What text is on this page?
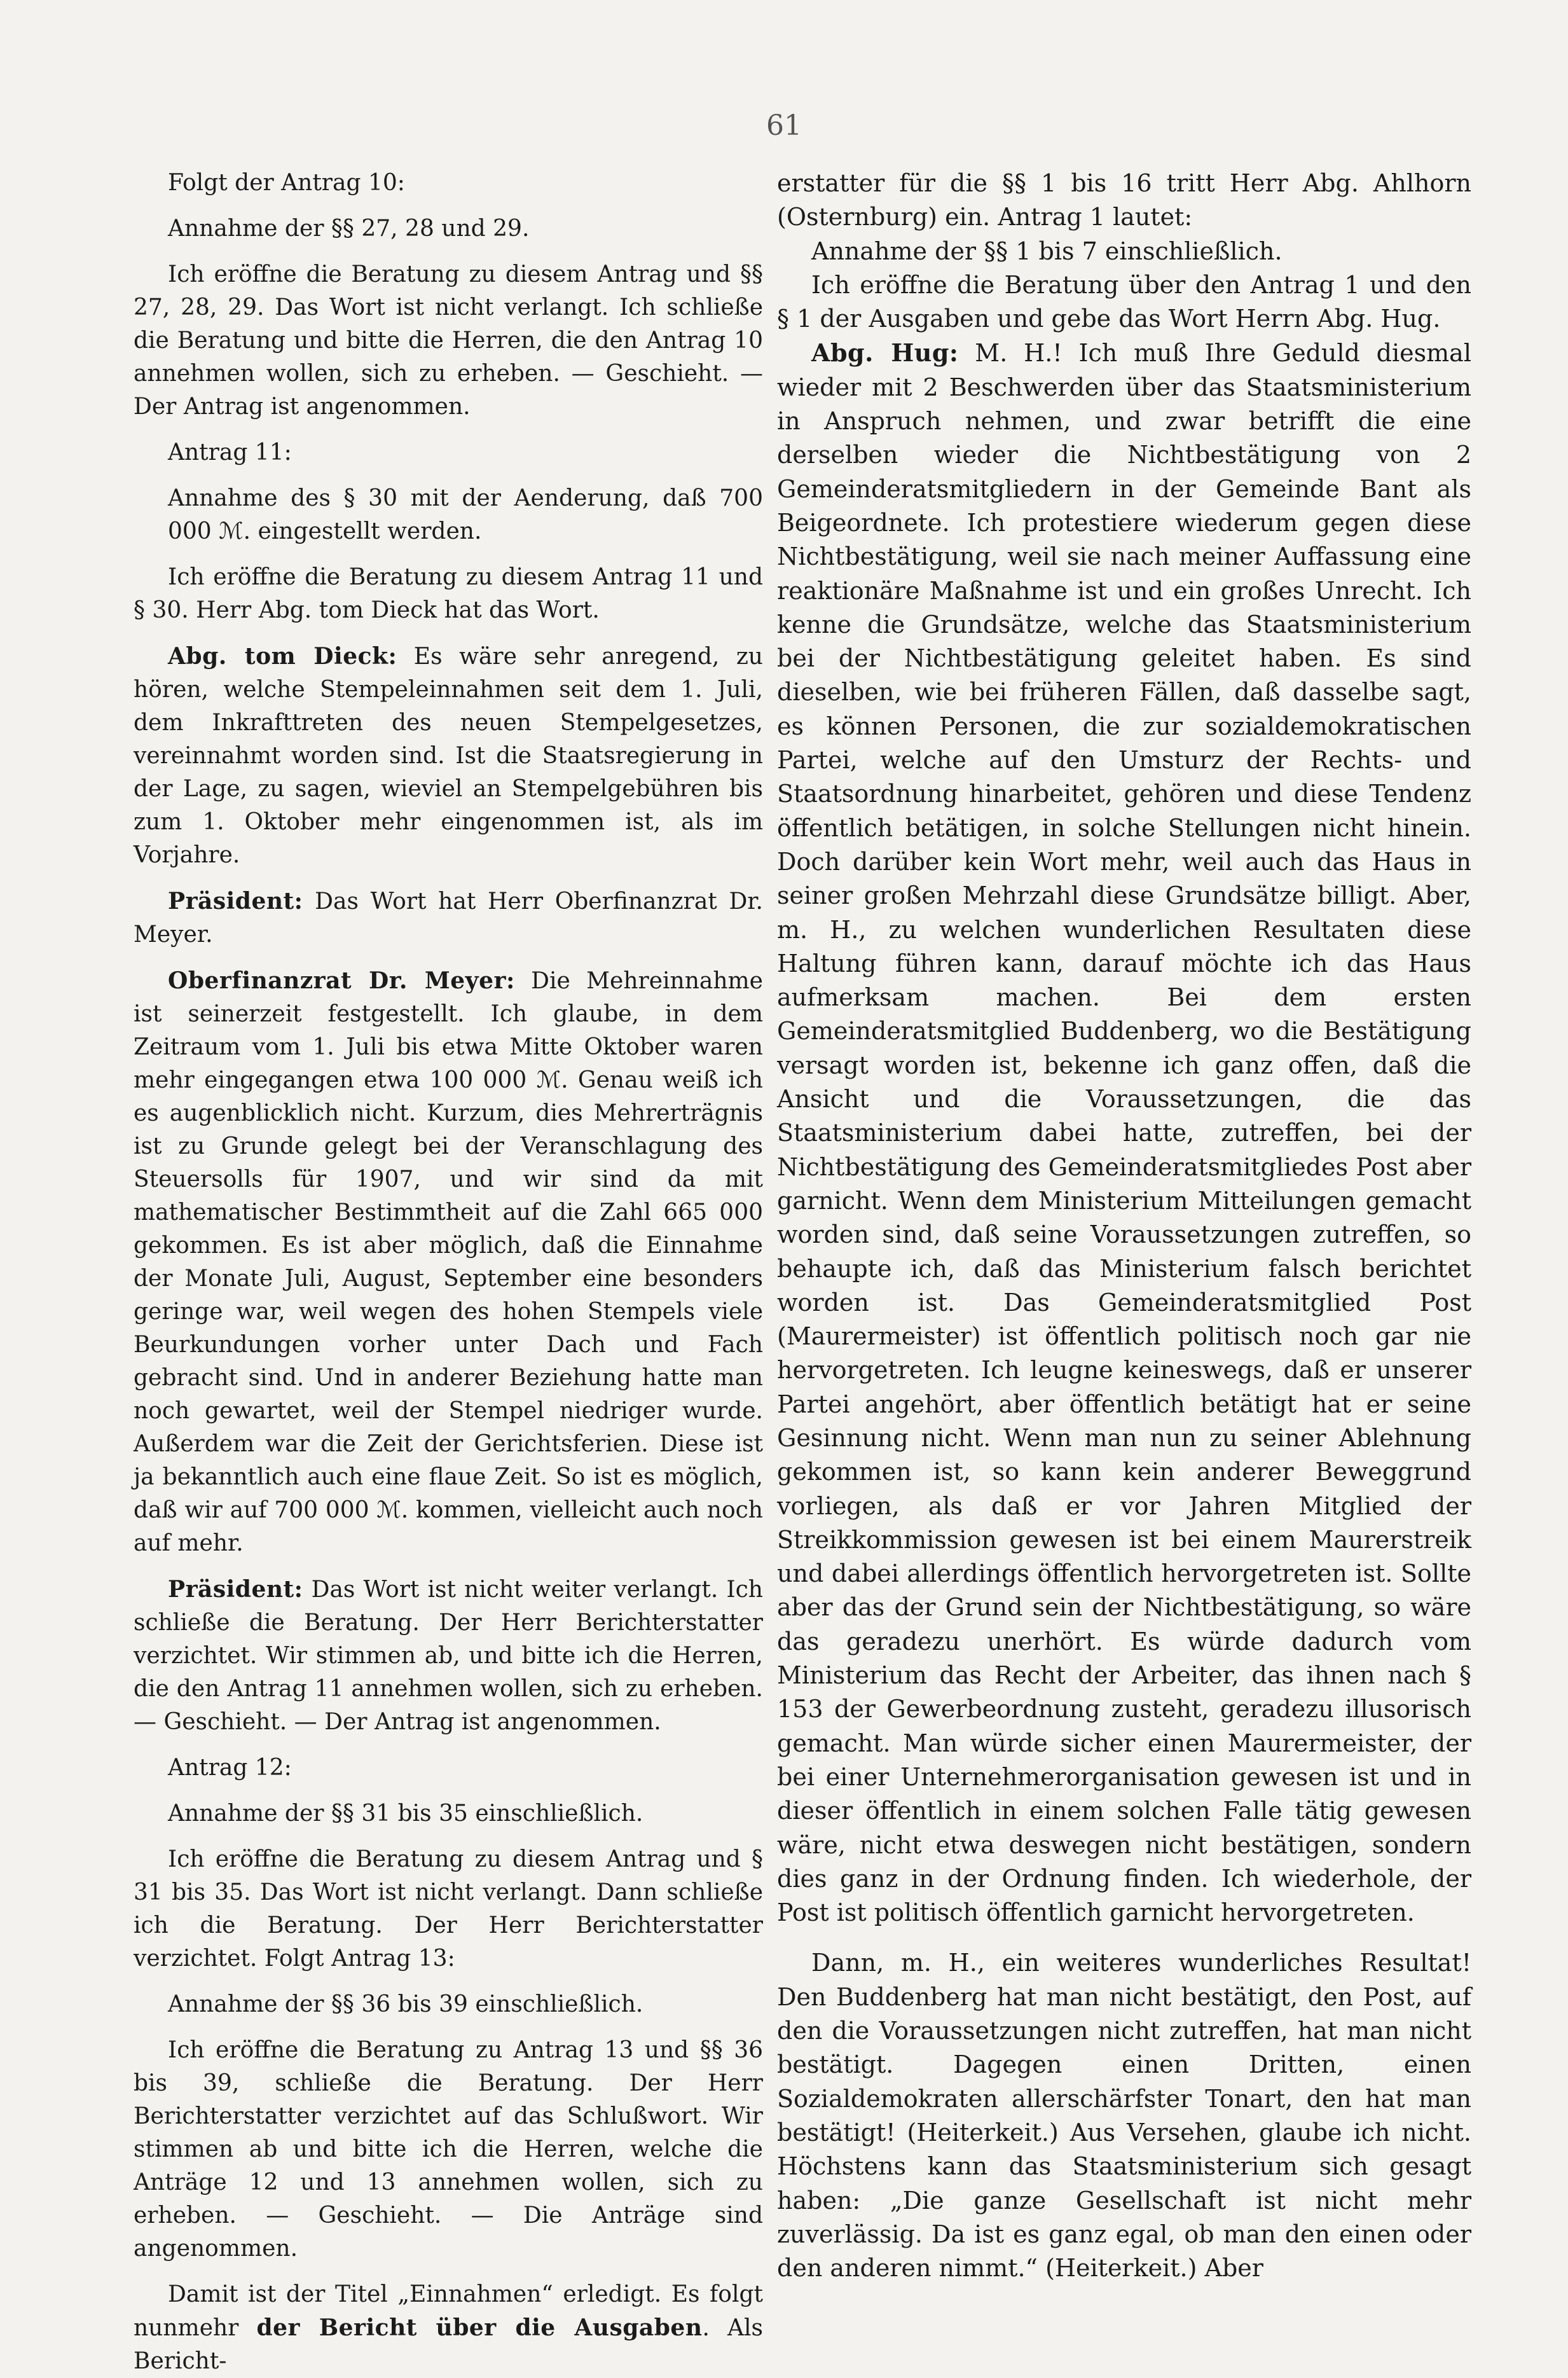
61

Folgt der Antrag 10:

Annahme der §§ 27, 28 und 29.

Ich eröffne die Beratung zu diesem Antrag und §§ 27, 28, 29. Das Wort ist nicht verlangt. Ich schließe die Beratung und bitte die Herren, die den Antrag 10 annehmen wollen, sich zu erheben. — Geschieht. — Der Antrag ist angenommen.

Antrag 11:

Annahme des § 30 mit der Aenderung, daß 700 000 ℳ. eingestellt werden.

Ich eröffne die Beratung zu diesem Antrag 11 und § 30. Herr Abg. tom Dieck hat das Wort.

Abg. tom Dieck: Es wäre sehr anregend, zu hören, welche Stempeleinnahmen seit dem 1. Juli, dem Inkrafttreten des neuen Stempelgesetzes, vereinnahmt worden sind. Ist die Staatsregierung in der Lage, zu sagen, wieviel an Stempelgebühren bis zum 1. Oktober mehr eingenommen ist, als im Vorjahre.

Präsident: Das Wort hat Herr Oberfinanzrat Dr. Meyer.

Oberfinanzrat Dr. Meyer: Die Mehreinnahme ist seinerzeit festgestellt. Ich glaube, in dem Zeitraum vom 1. Juli bis etwa Mitte Oktober waren mehr eingegangen etwa 100 000 ℳ. Genau weiß ich es augenblicklich nicht. Kurzum, dies Mehrerträgnis ist zu Grunde gelegt bei der Veranschlagung des Steuersolls für 1907, und wir sind da mit mathematischer Bestimmtheit auf die Zahl 665 000 gekommen. Es ist aber möglich, daß die Einnahme der Monate Juli, August, September eine besonders geringe war, weil wegen des hohen Stempels viele Beurkundungen vorher unter Dach und Fach gebracht sind. Und in anderer Beziehung hatte man noch gewartet, weil der Stempel niedriger wurde. Außerdem war die Zeit der Gerichtsferien. Diese ist ja bekanntlich auch eine flaue Zeit. So ist es möglich, daß wir auf 700 000 ℳ. kommen, vielleicht auch noch auf mehr.

Präsident: Das Wort ist nicht weiter verlangt. Ich schließe die Beratung. Der Herr Berichterstatter verzichtet. Wir stimmen ab, und bitte ich die Herren, die den Antrag 11 annehmen wollen, sich zu erheben. — Geschieht. — Der Antrag ist angenommen.

Antrag 12:

Annahme der §§ 31 bis 35 einschließlich.

Ich eröffne die Beratung zu diesem Antrag und § 31 bis 35. Das Wort ist nicht verlangt. Dann schließe ich die Beratung. Der Herr Berichterstatter verzichtet. Folgt Antrag 13:

Annahme der §§ 36 bis 39 einschließlich.

Ich eröffne die Beratung zu Antrag 13 und §§ 36 bis 39, schließe die Beratung. Der Herr Berichterstatter verzichtet auf das Schlußwort. Wir stimmen ab und bitte ich die Herren, welche die Anträge 12 und 13 annehmen wollen, sich zu erheben. — Geschieht. — Die Anträge sind angenommen.

Damit ist der Titel „Einnahmen“ erledigt. Es folgt nunmehr der Bericht über die Ausgaben. Als Bericht-

erstatter für die §§ 1 bis 16 tritt Herr Abg. Ahlhorn (Osternburg) ein. Antrag 1 lautet:

Annahme der §§ 1 bis 7 einschließlich.

Ich eröffne die Beratung über den Antrag 1 und den § 1 der Ausgaben und gebe das Wort Herrn Abg. Hug.

Abg. Hug: M. H.! Ich muß Ihre Geduld diesmal wieder mit 2 Beschwerden über das Staatsministerium in Anspruch nehmen, und zwar betrifft die eine derselben wieder die Nichtbestätigung von 2 Gemeinderatsmitgliedern in der Gemeinde Bant als Beigeordnete. Ich protestiere wiederum gegen diese Nichtbestätigung, weil sie nach meiner Auffassung eine reaktionäre Maßnahme ist und ein großes Unrecht. Ich kenne die Grundsätze, welche das Staatsministerium bei der Nichtbestätigung geleitet haben. Es sind dieselben, wie bei früheren Fällen, daß dasselbe sagt, es können Personen, die zur sozialdemokratischen Partei, welche auf den Umsturz der Rechts- und Staatsordnung hinarbeitet, gehören und diese Tendenz öffentlich betätigen, in solche Stellungen nicht hinein. Doch darüber kein Wort mehr, weil auch das Haus in seiner großen Mehrzahl diese Grundsätze billigt. Aber, m. H., zu welchen wunderlichen Resultaten diese Haltung führen kann, darauf möchte ich das Haus aufmerksam machen. Bei dem ersten Gemeinderatsmitglied Buddenberg, wo die Bestätigung versagt worden ist, bekenne ich ganz offen, daß die Ansicht und die Voraussetzungen, die das Staatsministerium dabei hatte, zutreffen, bei der Nichtbestätigung des Gemeinderatsmitgliedes Post aber garnicht. Wenn dem Ministerium Mitteilungen gemacht worden sind, daß seine Voraussetzungen zutreffen, so behaupte ich, daß das Ministerium falsch berichtet worden ist. Das Gemeinderatsmitglied Post (Maurermeister) ist öffentlich politisch noch gar nie hervorgetreten. Ich leugne keineswegs, daß er unserer Partei angehört, aber öffentlich betätigt hat er seine Gesinnung nicht. Wenn man nun zu seiner Ablehnung gekommen ist, so kann kein anderer Beweggrund vorliegen, als daß er vor Jahren Mitglied der Streikkommission gewesen ist bei einem Maurerstreik und dabei allerdings öffentlich hervorgetreten ist. Sollte aber das der Grund sein der Nichtbestätigung, so wäre das geradezu unerhört. Es würde dadurch vom Ministerium das Recht der Arbeiter, das ihnen nach § 153 der Gewerbeordnung zusteht, geradezu illusorisch gemacht. Man würde sicher einen Maurermeister, der bei einer Unternehmerorganisation gewesen ist und in dieser öffentlich in einem solchen Falle tätig gewesen wäre, nicht etwa deswegen nicht bestätigen, sondern dies ganz in der Ordnung finden. Ich wiederhole, der Post ist politisch öffentlich garnicht hervorgetreten.

Dann, m. H., ein weiteres wunderliches Resultat! Den Buddenberg hat man nicht bestätigt, den Post, auf den die Voraussetzungen nicht zutreffen, hat man nicht bestätigt. Dagegen einen Dritten, einen Sozialdemokraten allerschärfster Tonart, den hat man bestätigt! (Heiterkeit.) Aus Versehen, glaube ich nicht. Höchstens kann das Staatsministerium sich gesagt haben: „Die ganze Gesellschaft ist nicht mehr zuverlässig. Da ist es ganz egal, ob man den einen oder den anderen nimmt.“ (Heiterkeit.) Aber
